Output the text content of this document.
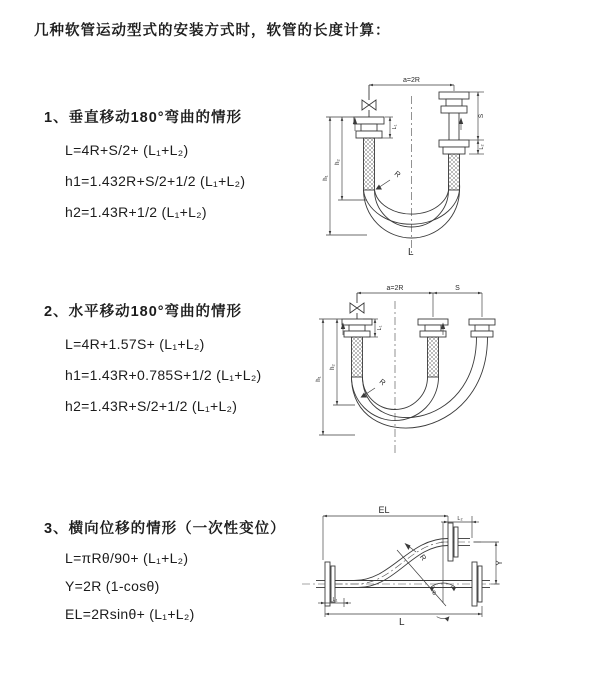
几种软管运动型式的安装方式时，软管的长度计算：
1、垂直移动180°弯曲的情形
L=4R+S/2+ (L₁+L₂)
h1=1.432R+S/2+1/2 (L₁+L₂)
h2=1.43R+1/2 (L₁+L₂)
a=2R
L₁
S
L₂
h₁
h₂
R
L
2、水平移动180°弯曲的情形
L=4R+1.57S+ (L₁+L₂)
h1=1.43R+0.785S+1/2 (L₁+L₂)
h2=1.43R+S/2+1/2 (L₁+L₂)
a=2R	S
L₁
h₁
h₂
R
3、横向位移的情形（一次性变位）
L=πRθ/90+ (L₁+L₂)
Y=2R (1-cosθ)
EL=2Rsinθ+ (L₁+L₂)
EL
L₂
Y
L
L₁
R
θ
